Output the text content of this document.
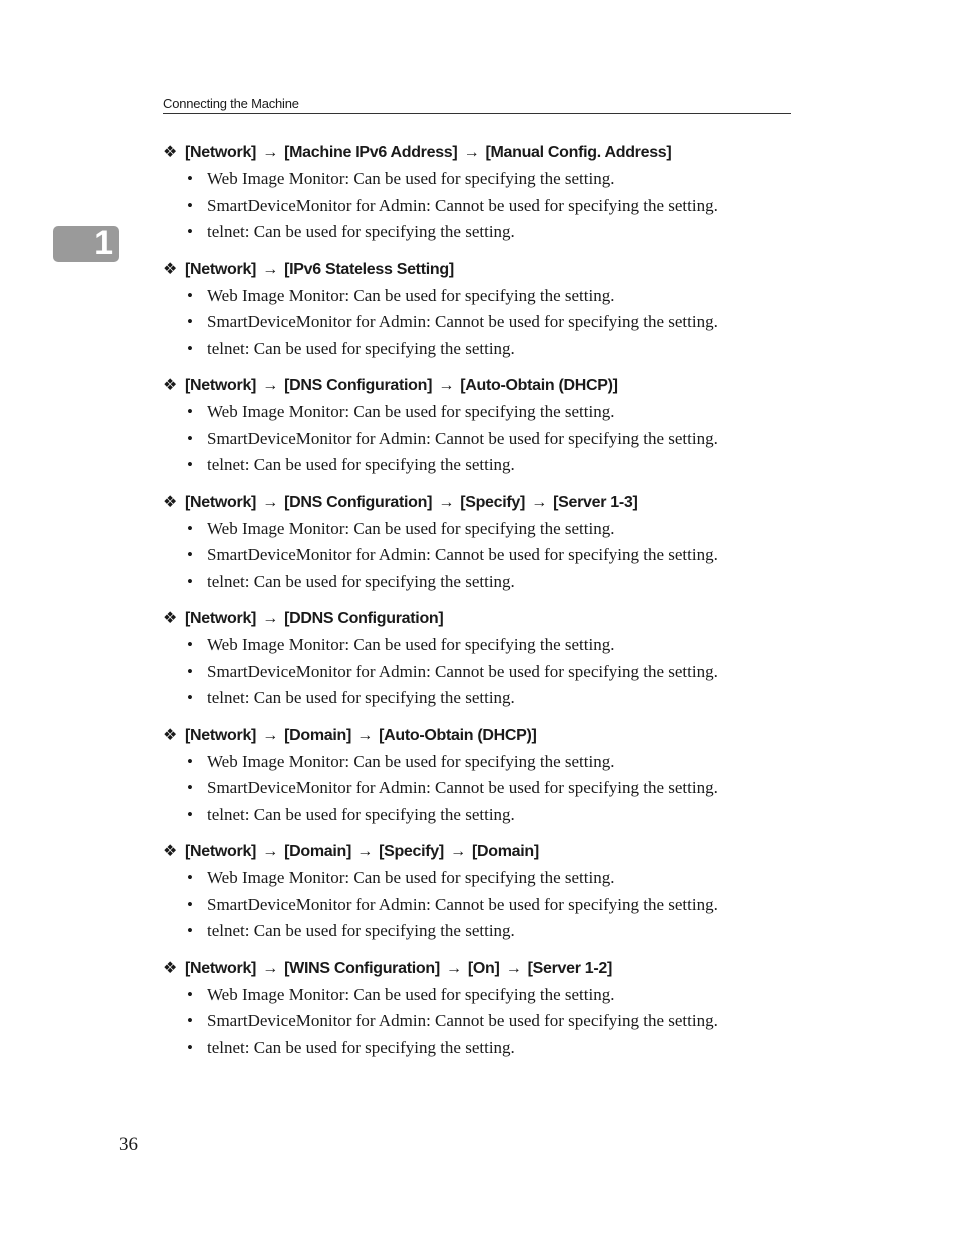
Connecting the Machine
1
❖ [Network] → [Machine IPv6 Address] → [Manual Config. Address]
• Web Image Monitor: Can be used for specifying the setting.
• SmartDeviceMonitor for Admin: Cannot be used for specifying the setting.
• telnet: Can be used for specifying the setting.
❖ [Network] → [IPv6 Stateless Setting]
• Web Image Monitor: Can be used for specifying the setting.
• SmartDeviceMonitor for Admin: Cannot be used for specifying the setting.
• telnet: Can be used for specifying the setting.
❖ [Network] → [DNS Configuration] → [Auto-Obtain (DHCP)]
• Web Image Monitor: Can be used for specifying the setting.
• SmartDeviceMonitor for Admin: Cannot be used for specifying the setting.
• telnet: Can be used for specifying the setting.
❖ [Network] → [DNS Configuration] → [Specify] → [Server 1-3]
• Web Image Monitor: Can be used for specifying the setting.
• SmartDeviceMonitor for Admin: Cannot be used for specifying the setting.
• telnet: Can be used for specifying the setting.
❖ [Network] → [DDNS Configuration]
• Web Image Monitor: Can be used for specifying the setting.
• SmartDeviceMonitor for Admin: Cannot be used for specifying the setting.
• telnet: Can be used for specifying the setting.
❖ [Network] → [Domain] → [Auto-Obtain (DHCP)]
• Web Image Monitor: Can be used for specifying the setting.
• SmartDeviceMonitor for Admin: Cannot be used for specifying the setting.
• telnet: Can be used for specifying the setting.
❖ [Network] → [Domain] → [Specify] → [Domain]
• Web Image Monitor: Can be used for specifying the setting.
• SmartDeviceMonitor for Admin: Cannot be used for specifying the setting.
• telnet: Can be used for specifying the setting.
❖ [Network] → [WINS Configuration] → [On] → [Server 1-2]
• Web Image Monitor: Can be used for specifying the setting.
• SmartDeviceMonitor for Admin: Cannot be used for specifying the setting.
• telnet: Can be used for specifying the setting.
36
